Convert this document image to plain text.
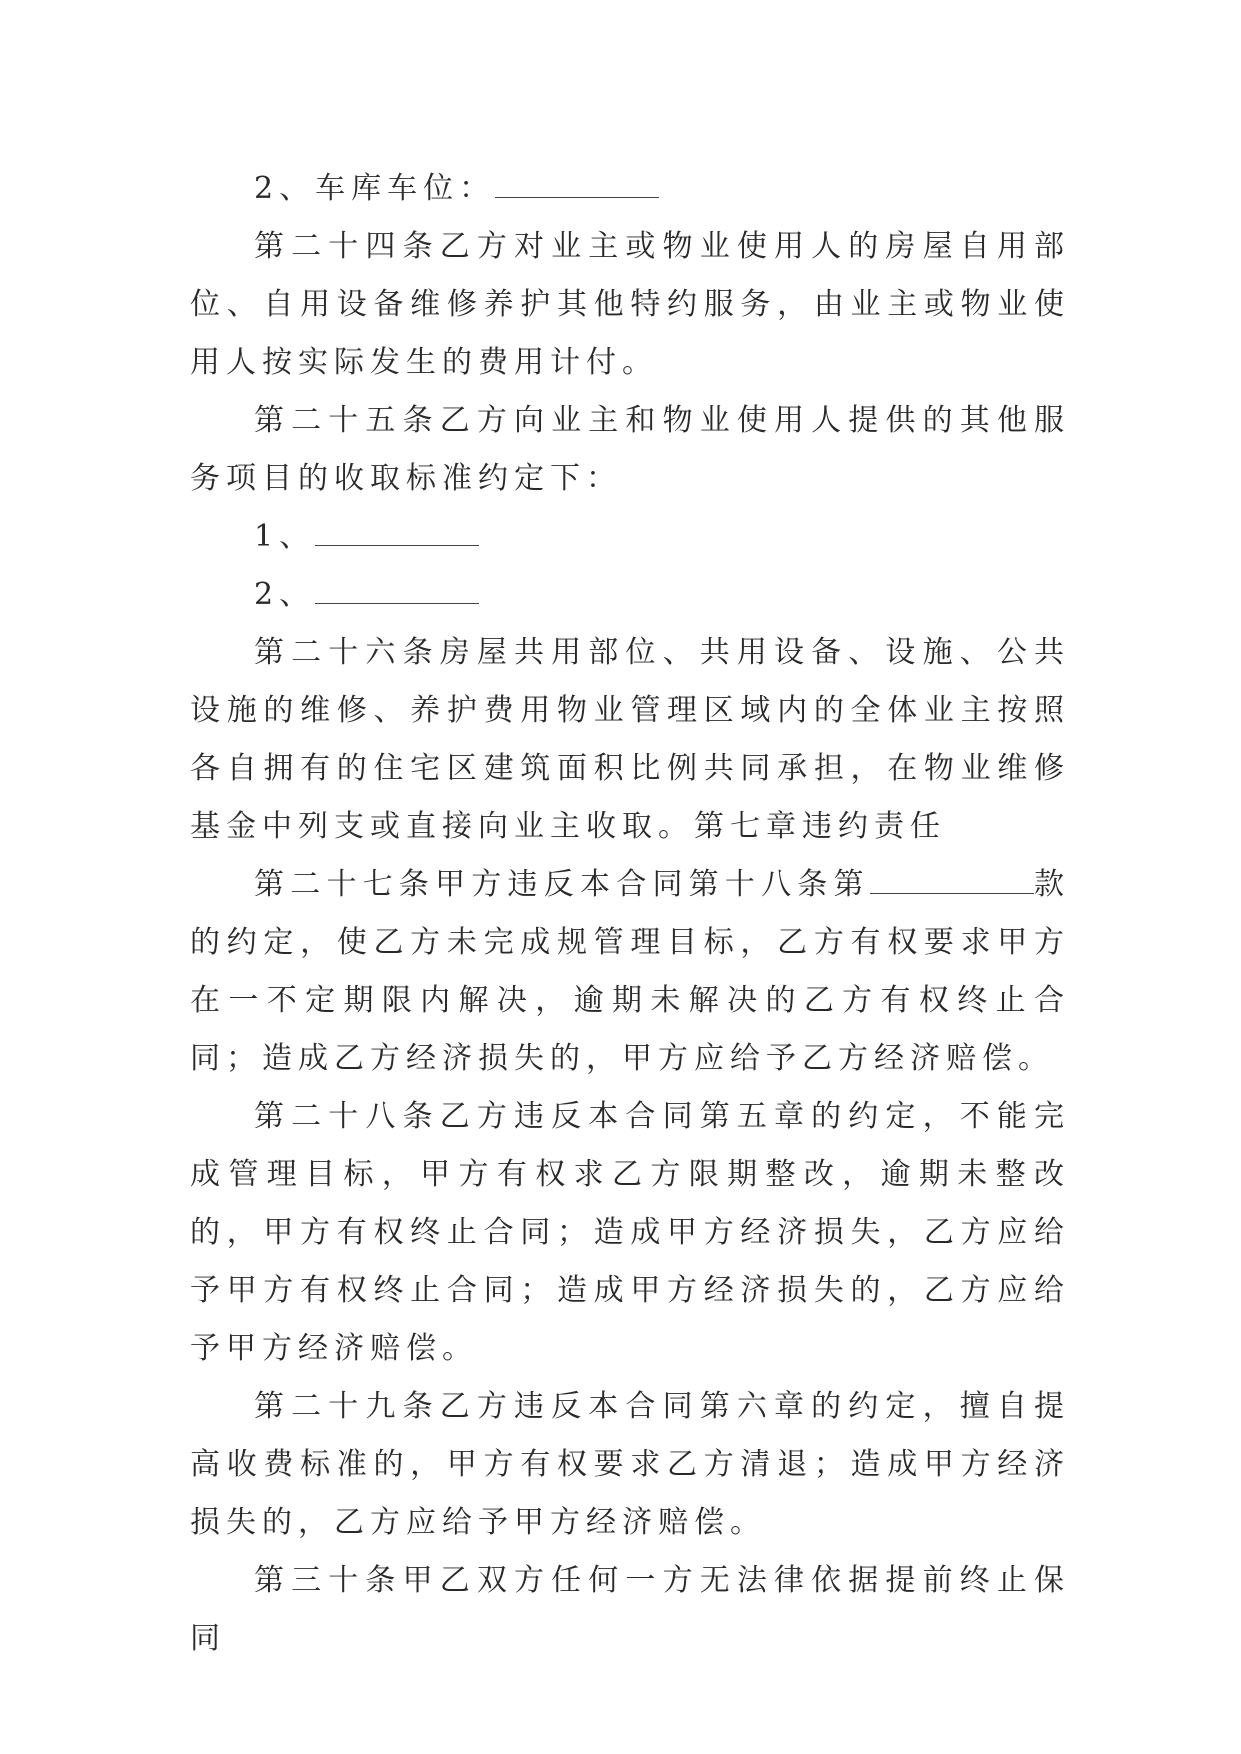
2、车库车位：

第二十四条乙方对业主或物业使用人的房屋自用部位、自用设备维修养护其他特约服务，由业主或物业使用人按实际发生的费用计付。

第二十五条乙方向业主和物业使用人提供的其他服务项目的收取标准约定下：

1、

2、

第二十六条房屋共用部位、共用设备、设施、公共设施的维修、养护费用物业管理区域内的全体业主按照各自拥有的住宅区建筑面积比例共同承担，在物业维修基金中列支或直接向业主收取。第七章违约责任

第二十七条甲方违反本合同第十八条第	款的约定，使乙方未完成规管理目标，乙方有权要求甲方在一不定期限内解决，逾期未解决的乙方有权终止合同；造成乙方经济损失的，甲方应给予乙方经济赔偿。

第二十八条乙方违反本合同第五章的约定，不能完成管理目标，甲方有权求乙方限期整改，逾期未整改的，甲方有权终止合同；造成甲方经济损失，乙方应给予甲方有权终止合同；造成甲方经济损失的，乙方应给予甲方经济赔偿。

第二十九条乙方违反本合同第六章的约定，擅自提高收费标准的，甲方有权要求乙方清退；造成甲方经济损失的，乙方应给予甲方经济赔偿。

第三十条甲乙双方任何一方无法律依据提前终止保同
